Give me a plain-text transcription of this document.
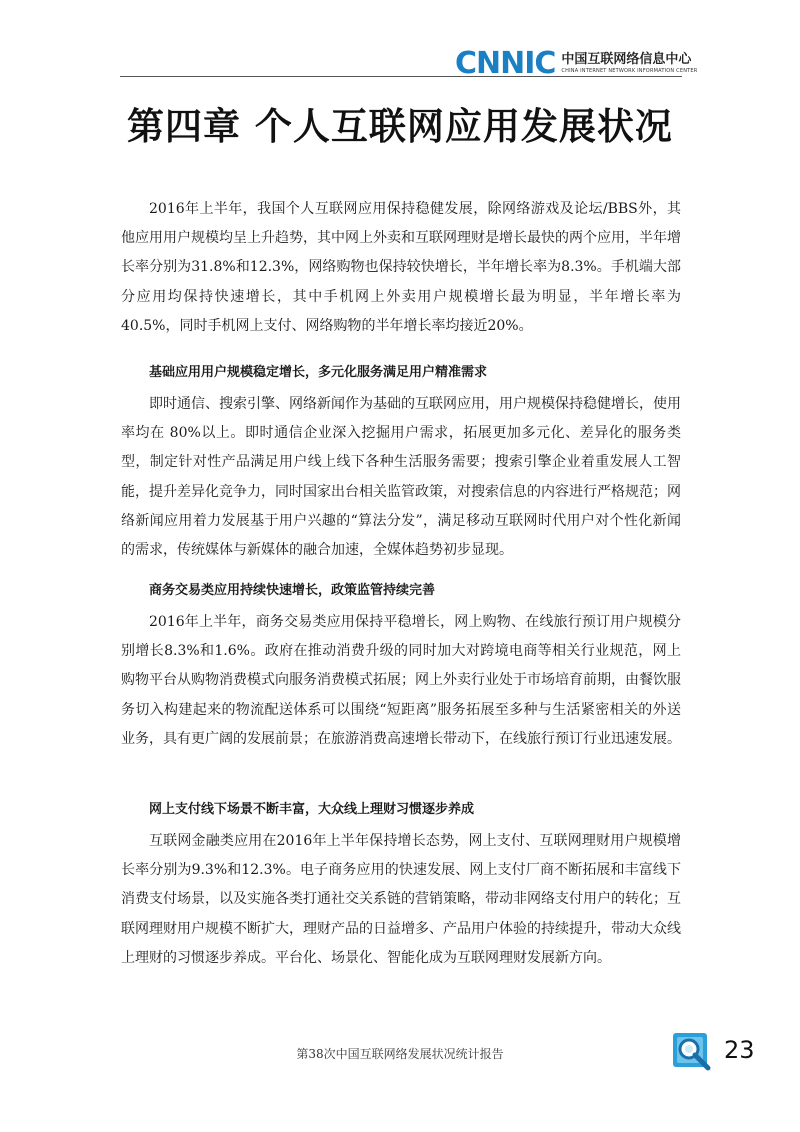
CNNIC 中国互联网络信息中心
CHINA INTERNET NETWORK INFORMATION CENTER
第四章 个人互联网应用发展状况

2016年上半年，我国个人互联网应用保持稳健发展，除网络游戏及论坛/BBS外，其他应用用户规模均呈上升趋势，其中网上外卖和互联网理财是增长最快的两个应用，半年增长率分别为31.8%和12.3%，网络购物也保持较快增长，半年增长率为8.3%。手机端大部分应用均保持快速增长，其中手机网上外卖用户规模增长最为明显，半年增长率为40.5%，同时手机网上支付、网络购物的半年增长率均接近20%。

基础应用用户规模稳定增长，多元化服务满足用户精准需求

即时通信、搜索引擎、网络新闻作为基础的互联网应用，用户规模保持稳健增长，使用率均在 80%以上。即时通信企业深入挖掘用户需求，拓展更加多元化、差异化的服务类型，制定针对性产品满足用户线上线下各种生活服务需要；搜索引擎企业着重发展人工智能，提升差异化竞争力，同时国家出台相关监管政策，对搜索信息的内容进行严格规范；网络新闻应用着力发展基于用户兴趣的“算法分发”，满足移动互联网时代用户对个性化新闻的需求，传统媒体与新媒体的融合加速，全媒体趋势初步显现。

商务交易类应用持续快速增长，政策监管持续完善

2016年上半年，商务交易类应用保持平稳增长，网上购物、在线旅行预订用户规模分别增长8.3%和1.6%。政府在推动消费升级的同时加大对跨境电商等相关行业规范，网上购物平台从购物消费模式向服务消费模式拓展；网上外卖行业处于市场培育前期，由餐饮服务切入构建起来的物流配送体系可以围绕“短距离”服务拓展至多种与生活紧密相关的外送业务，具有更广阔的发展前景；在旅游消费高速增长带动下，在线旅行预订行业迅速发展。

网上支付线下场景不断丰富，大众线上理财习惯逐步养成

互联网金融类应用在2016年上半年保持增长态势，网上支付、互联网理财用户规模增长率分别为9.3%和12.3%。电子商务应用的快速发展、网上支付厂商不断拓展和丰富线下消费支付场景，以及实施各类打通社交关系链的营销策略，带动非网络支付用户的转化；互联网理财用户规模不断扩大，理财产品的日益增多、产品用户体验的持续提升，带动大众线上理财的习惯逐步养成。平台化、场景化、智能化成为互联网理财发展新方向。

第38次中国互联网络发展状况统计报告	23
